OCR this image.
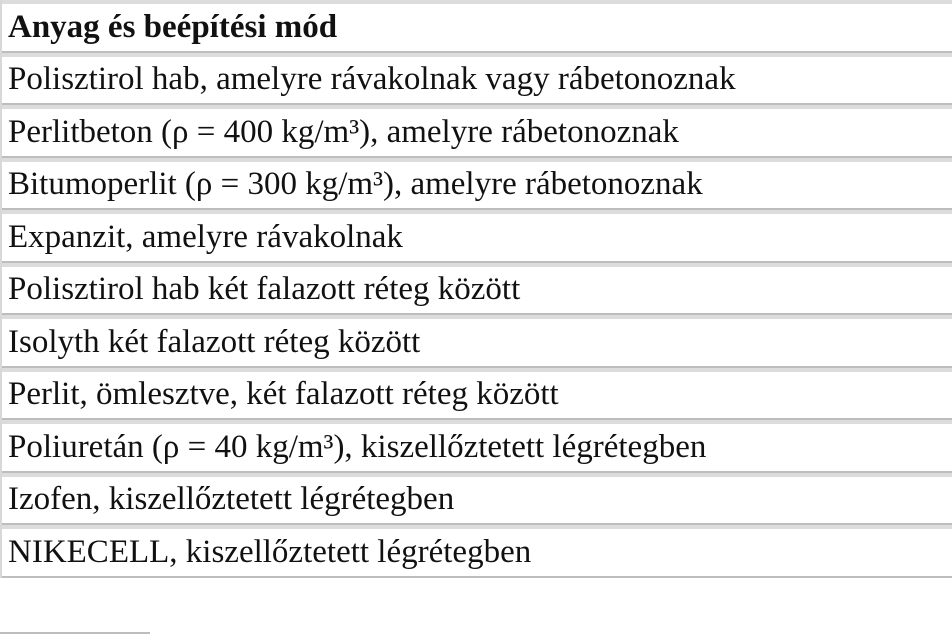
Anyag és beépítési mód
Polisztirol hab, amelyre rávakolnak vagy rábetonoznak
Perlitbeton (ρ = 400 kg/m³), amelyre rábetonoznak
Bitumoperlit (ρ = 300 kg/m³), amelyre rábetonoznak
Expanzit, amelyre rávakolnak
Polisztirol hab két falazott réteg között
Isolyth két falazott réteg között
Perlit, ömlesztve, két falazott réteg között
Poliuretán (ρ = 40 kg/m³), kiszellőztetett légrétegben
Izofen, kiszellőztetett légrétegben
NIKECELL, kiszellőztetett légrétegben
